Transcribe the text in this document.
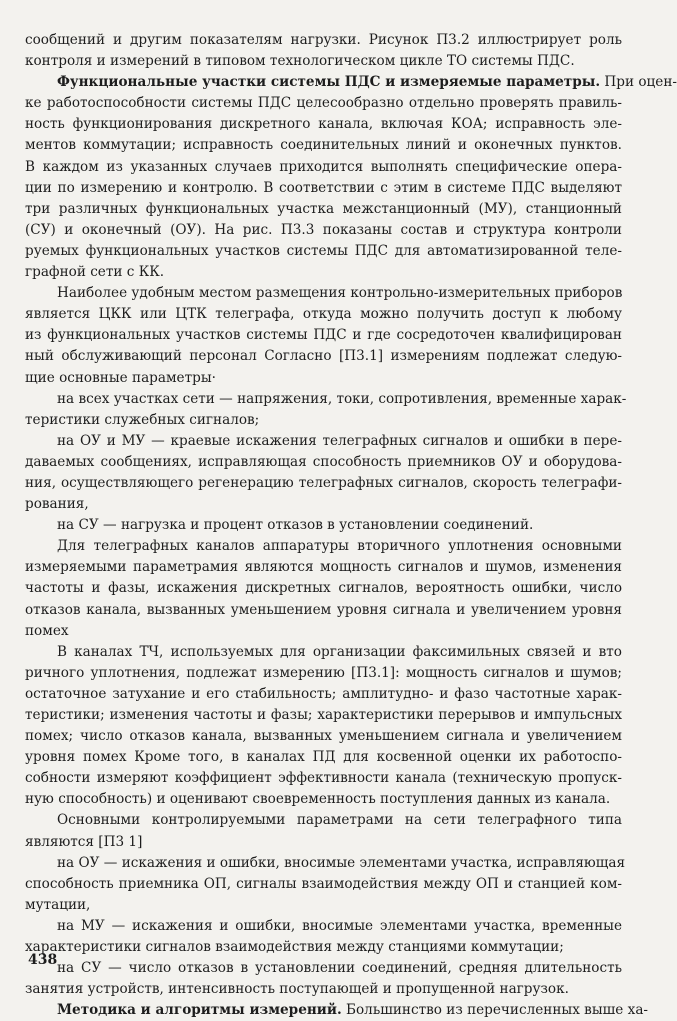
сообщений и другим показателям нагрузки. Рисунок П3.2 иллюстрирует роль
контроля и измерений в типовом технологическом цикле ТО системы ПДС.
Функциональные участки системы ПДС и измеряемые параметры. При оцен-
ке работоспособности системы ПДС целесообразно отдельно проверять правиль-
ность функционирования дискретного канала, включая КОА; исправность эле-
ментов коммутации; исправность соединительных линий и оконечных пунктов.
В каждом из указанных случаев приходится выполнять специфические опера-
ции по измерению и контролю. В соответствии с этим в системе ПДС выделяют
три различных функциональных участка межстанционный (МУ), станционный
(СУ) и оконечный (ОУ). На рис. П3.3 показаны состав и структура контроли
руемых функциональных участков системы ПДС для автоматизированной теле-
графной сети с КК.
Наиболее удобным местом размещения контрольно-измерительных приборов
является ЦКК или ЦТК телеграфа, откуда можно получить доступ к любому
из функциональных участков системы ПДС и где сосредоточен квалифицирован
ный обслуживающий персонал Согласно [П3.1] измерениям подлежат следую-
щие основные параметры·
на всех участках сети — напряжения, токи, сопротивления, временные харак-
теристики служебных сигналов;
на ОУ и МУ — краевые искажения телеграфных сигналов и ошибки в пере-
даваемых сообщениях, исправляющая способность приемников ОУ и оборудова-
ния, осуществляющего регенерацию телеграфных сигналов, скорость телеграфи-
рования,
на СУ — нагрузка и процент отказов в установлении соединений.
Для телеграфных каналов аппаратуры вторичного уплотнения основными
измеряемыми параметрамия являются мощность сигналов и шумов, изменения
частоты и фазы, искажения дискретных сигналов, вероятность ошибки, число
отказов канала, вызванных уменьшением уровня сигнала и увеличением уровня
помех
В каналах ТЧ, используемых для организации факсимильных связей и вто
ричного уплотнения, подлежат измерению [П3.1]: мощность сигналов и шумов;
остаточное затухание и его стабильность; амплитудно- и фазо частотные харак-
теристики; изменения частоты и фазы; характеристики перерывов и импульсных
помех; число отказов канала, вызванных уменьшением сигнала и увеличением
уровня помех Кроме того, в каналах ПД для косвенной оценки их работоспо-
собности измеряют коэффициент эффективности канала (техническую пропуск-
ную способность) и оценивают своевременность поступления данных из канала.
Основными контролируемыми параметрами на сети телеграфного типа
являются [П3 1]
на ОУ — искажения и ошибки, вносимые элементами участка, исправляющая
способность приемника ОП, сигналы взаимодействия между ОП и станцией ком-
мутации,
на МУ — искажения и ошибки, вносимые элементами участка, временные
характеристики сигналов взаимодействия между станциями коммутации;
на СУ — число отказов в установлении соединений, средняя длительность
занятия устройств, интенсивность поступающей и пропущенной нагрузок.
Методика и алгоритмы измерений. Большинство из перечисленных выше ха-
438
